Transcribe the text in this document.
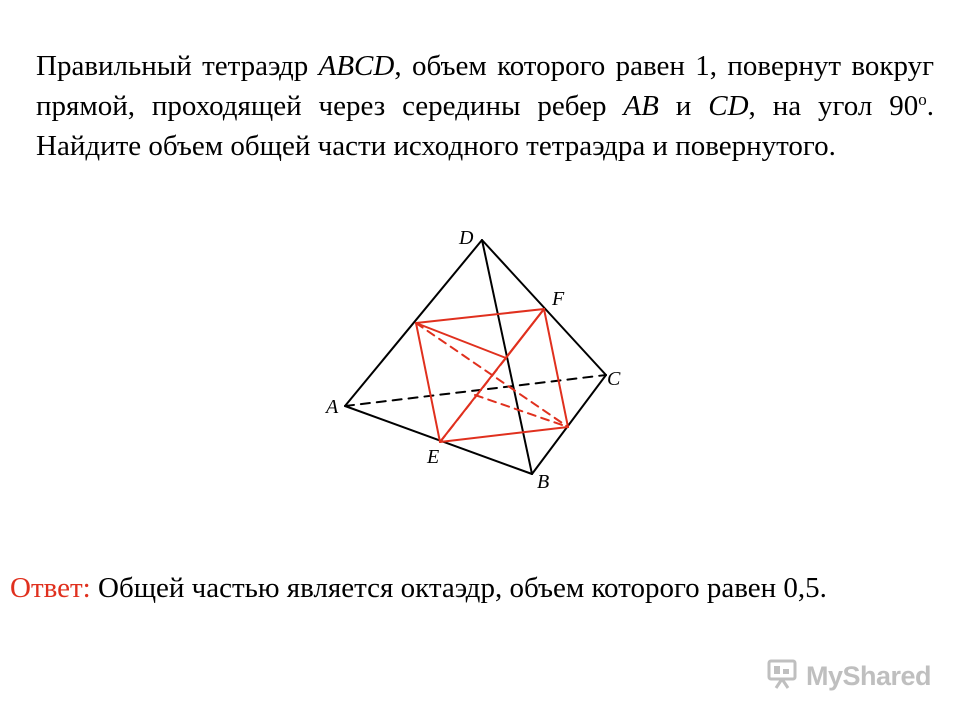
Правильный тетраэдр ABCD, объем которого равен 1, повернут вокруг прямой, проходящей через середины ребер AB и CD, на угол 90$^o$. Найдите объем общей части исходного тетраэдра и повернутого.
D
F
C
A
E
B
Ответ: Общей частью является октаэдр, объем которого равен 0,5.
MyShared
